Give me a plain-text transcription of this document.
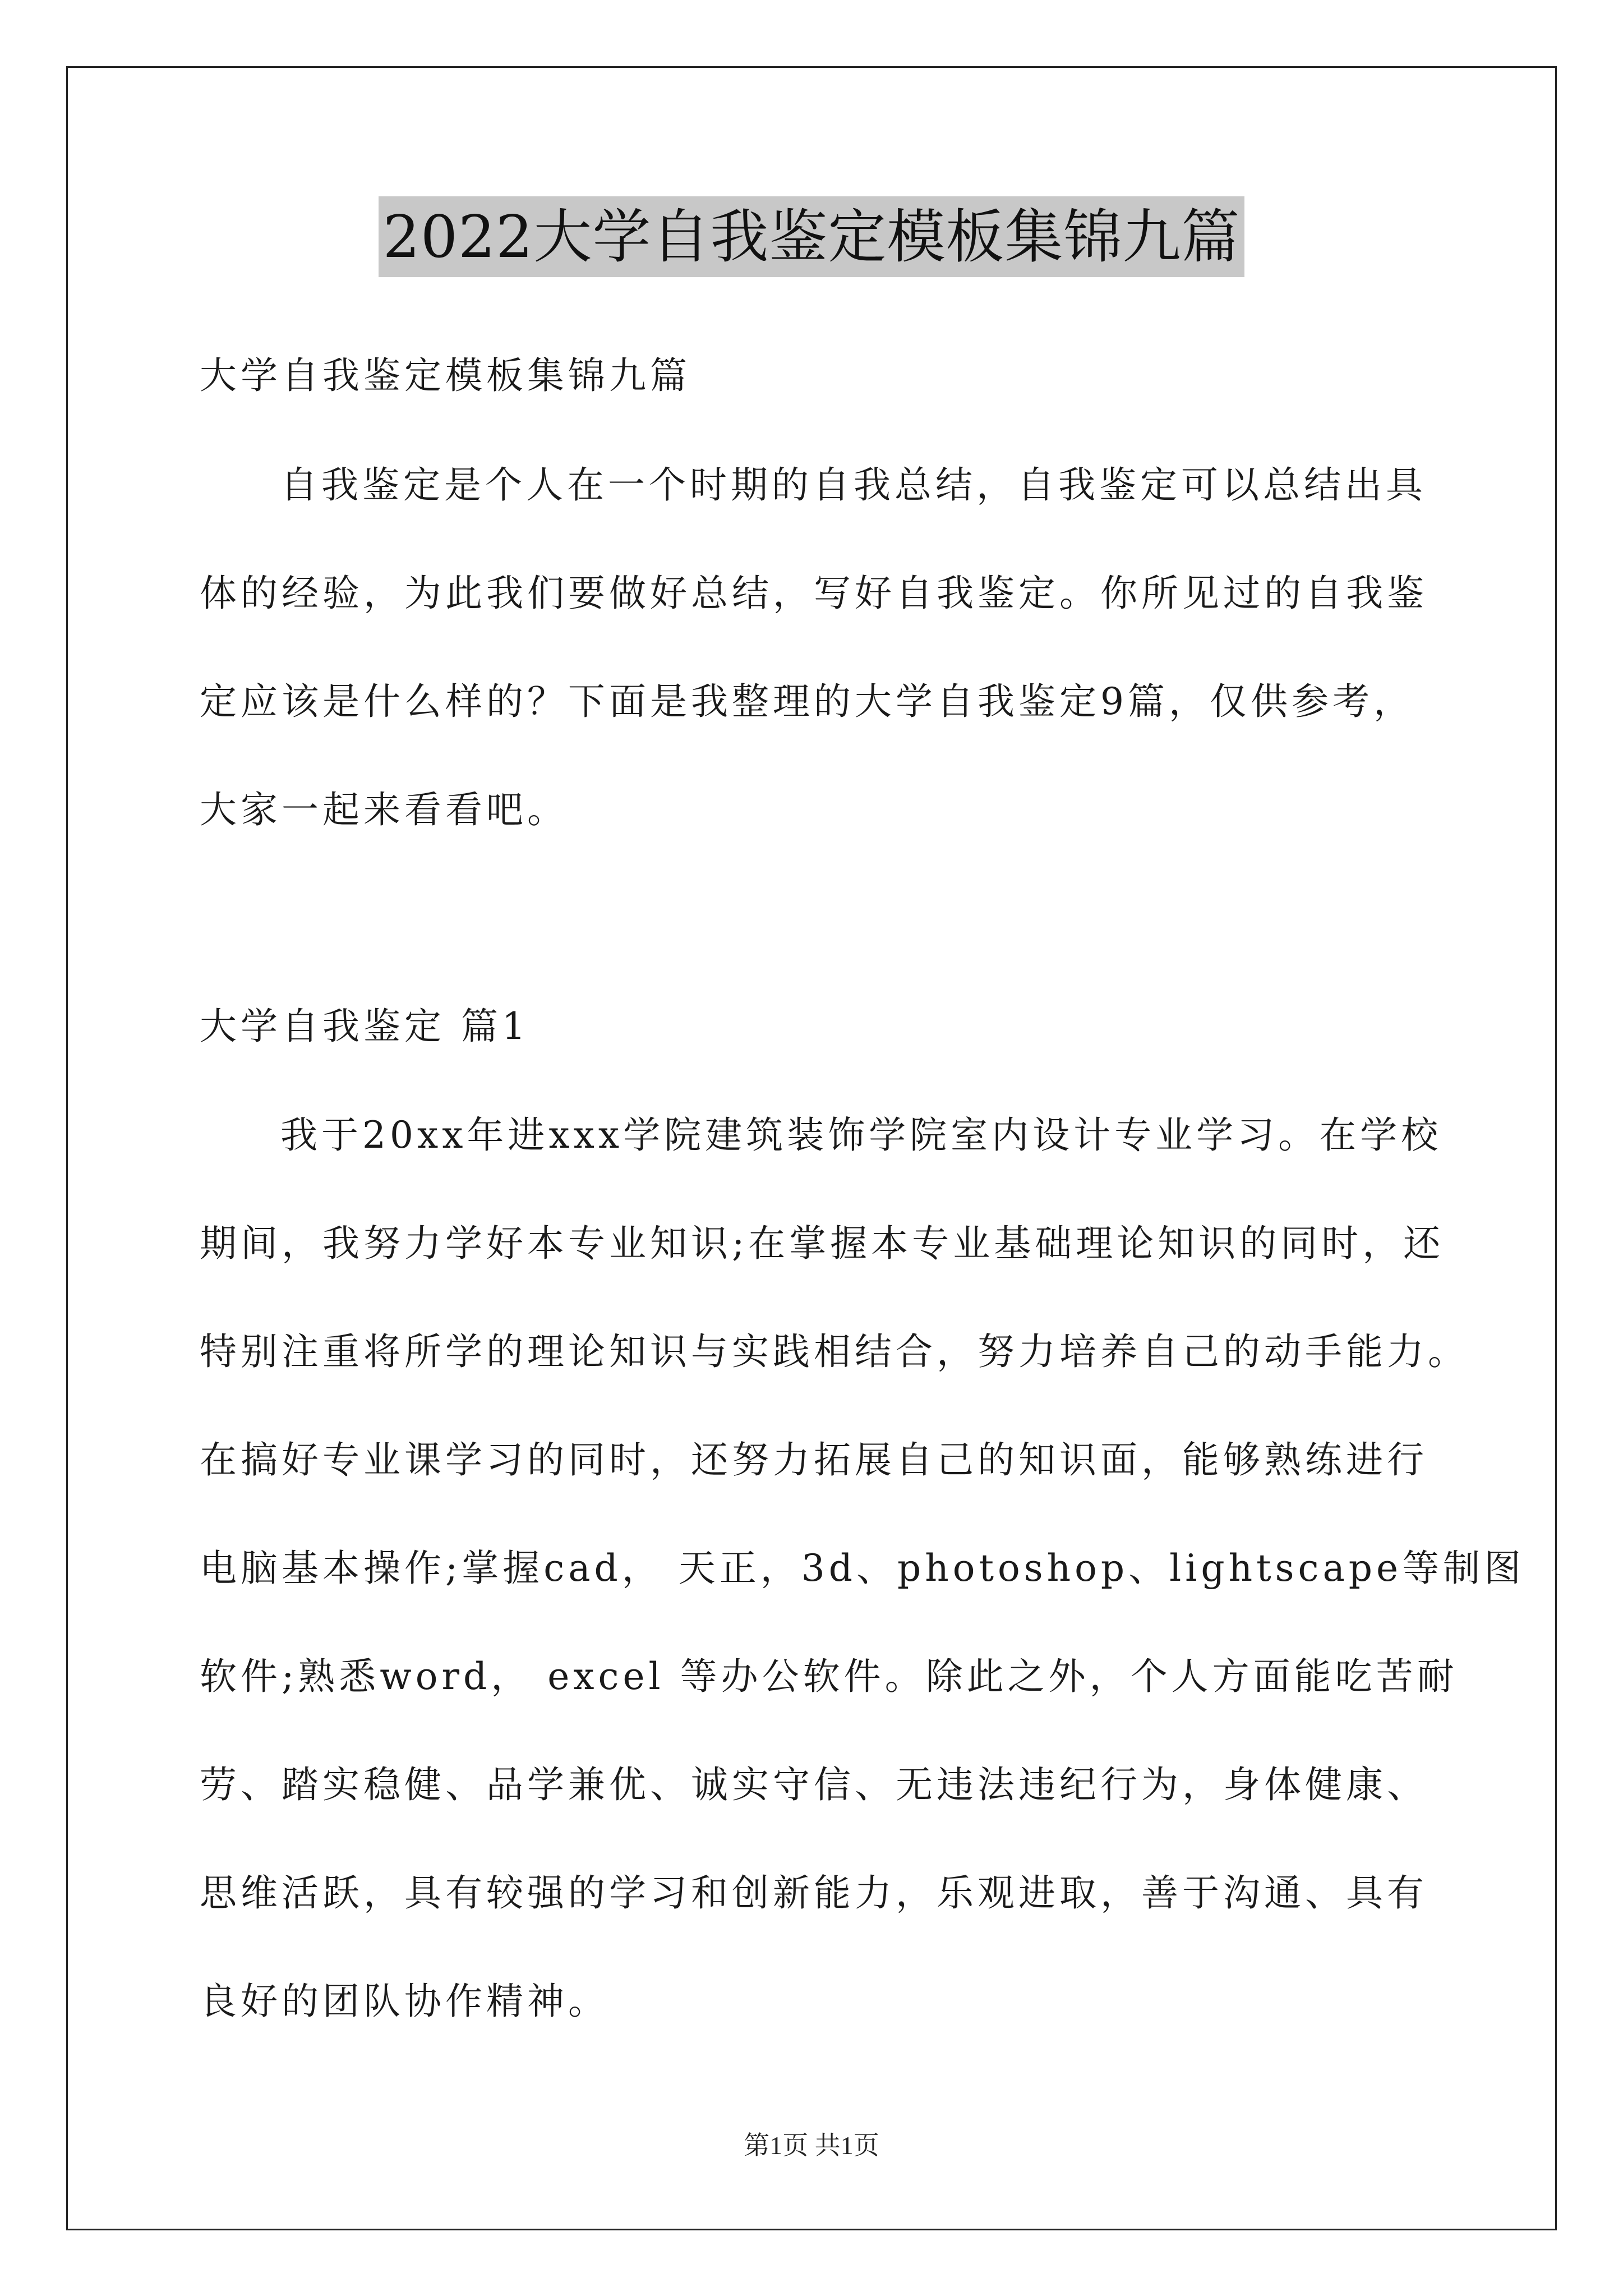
2022大学自我鉴定模板集锦九篇
大学自我鉴定模板集锦九篇
自我鉴定是个人在一个时期的自我总结，自我鉴定可以总结出具
体的经验，为此我们要做好总结，写好自我鉴定。你所见过的自我鉴
定应该是什么样的？下面是我整理的大学自我鉴定9篇，仅供参考，
大家一起来看看吧。
大学自我鉴定 篇1
我于20xx年进xxx学院建筑装饰学院室内设计专业学习。在学校
期间，我努力学好本专业知识;在掌握本专业基础理论知识的同时，还
特别注重将所学的理论知识与实践相结合，努力培养自己的动手能力。
在搞好专业课学习的同时，还努力拓展自己的知识面，能够熟练进行
电脑基本操作;掌握cad， 天正，3d、photoshop、lightscape等制图
软件;熟悉word， excel 等办公软件。除此之外，个人方面能吃苦耐
劳、踏实稳健、品学兼优、诚实守信、无违法违纪行为，身体健康、
思维活跃，具有较强的学习和创新能力，乐观进取，善于沟通、具有
良好的团队协作精神。
第1页 共1页
